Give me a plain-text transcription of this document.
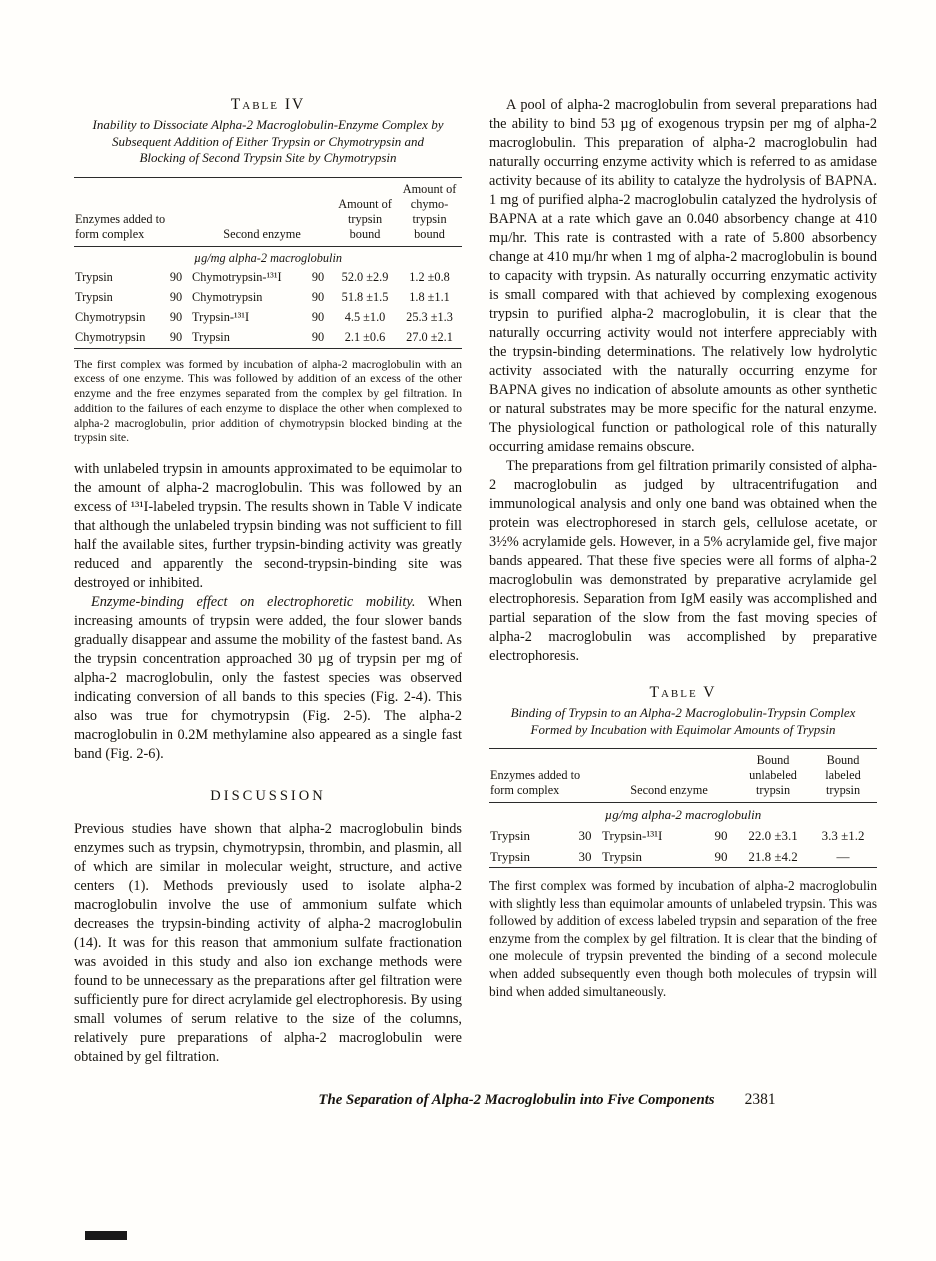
Table IV
Inability to Dissociate Alpha-2 Macroglobulin-Enzyme Complex by Subsequent Addition of Either Trypsin or Chymotrypsin and Blocking of Second Trypsin Site by Chymotrypsin
Enzymes added to form complex		Second enzyme		Amount of trypsin bound	Amount of chymo-trypsin bound
µg/mg alpha-2 macroglobulin					
Trypsin	90	Chymotrypsin-¹³¹I	90	52.0 ±2.9	1.2 ±0.8
Trypsin	90	Chymotrypsin	90	51.8 ±1.5	1.8 ±1.1
Chymotrypsin	90	Trypsin-¹³¹I	90	4.5 ±1.0	25.3 ±1.3
Chymotrypsin	90	Trypsin	90	2.1 ±0.6	27.0 ±2.1
The first complex was formed by incubation of alpha-2 macroglobulin with an excess of one enzyme. This was followed by addition of an excess of the other enzyme and the free enzymes separated from the complex by gel filtration. In addition to the failures of each enzyme to displace the other when complexed to alpha-2 macroglobulin, prior addition of chymotrypsin blocked binding at the trypsin site.

with unlabeled trypsin in amounts approximated to be equimolar to the amount of alpha-2 macroglobulin. This was followed by an excess of ¹³¹I-labeled trypsin. The results shown in Table V indicate that although the unlabeled trypsin binding was not sufficient to fill half the available sites, further trypsin-binding activity was greatly reduced and apparently the second-trypsin-binding site was destroyed or inhibited.

Enzyme-binding effect on electrophoretic mobility. When increasing amounts of trypsin were added, the four slower bands gradually disappear and assume the mobility of the fastest band. As the trypsin concentration approached 30 µg of trypsin per mg of alpha-2 macroglobulin, only the fastest species was observed indicating conversion of all bands to this species (Fig. 2-4). This also was true for chymotrypsin (Fig. 2-5). The alpha-2 macroglobulin in 0.2M methylamine also appeared as a single fast band (Fig. 2-6).

DISCUSSION

Previous studies have shown that alpha-2 macroglobulin binds enzymes such as trypsin, chymotrypsin, thrombin, and plasmin, all of which are similar in molecular weight, structure, and active centers (1). Methods previously used to isolate alpha-2 macroglobulin involve the use of ammonium sulfate which decreases the trypsin-binding activity of alpha-2 macroglobulin (14). It was for this reason that ammonium sulfate fractionation was avoided in this study and also ion exchange methods were found to be unnecessary as the preparations after gel filtration were sufficiently pure for direct acrylamide gel electrophoresis. By using small volumes of serum relative to the size of the columns, relatively pure preparations of alpha-2 macroglobulin were obtained by gel filtration.

A pool of alpha-2 macroglobulin from several preparations had the ability to bind 53 µg of exogenous trypsin per mg of alpha-2 macroglobulin. This preparation of alpha-2 macroglobulin had naturally occurring enzyme activity which is referred to as amidase activity because of its ability to catalyze the hydrolysis of BAPNA. 1 mg of purified alpha-2 macroglobulin catalyzed the hydrolysis of BAPNA at a rate which gave an 0.040 absorbency change at 410 mµ/hr. This rate is contrasted with a rate of 5.800 absorbency change at 410 mµ/hr when 1 mg of alpha-2 macroglobulin is bound to capacity with trypsin. As naturally occurring enzymatic activity is small compared with that achieved by complexing exogenous trypsin to purified alpha-2 macroglobulin, it is clear that the naturally occurring activity would not interfere appreciably with the trypsin-binding determinations. The relatively low hydrolytic activity associated with the naturally occurring enzyme for BAPNA gives no indication of absolute amounts as other synthetic or natural substrates may be more specific for the natural enzyme. The physiological function or pathological role of this naturally occurring amidase remains obscure.

The preparations from gel filtration primarily consisted of alpha-2 macroglobulin as judged by ultracentrifugation and immunological analysis and only one band was obtained when the protein was electrophoresed in starch gels, cellulose acetate, or 3½% acrylamide gels. However, in a 5% acrylamide gel, five major bands appeared. That these five species were all forms of alpha-2 macroglobulin was demonstrated by preparative acrylamide gel electrophoresis. Separation from IgM easily was accomplished and partial separation of the slow from the fast moving species of alpha-2 macroglobulin was accomplished by preparative electrophoresis.

Table V
Binding of Trypsin to an Alpha-2 Macroglobulin-Trypsin Complex Formed by Incubation with Equimolar Amounts of Trypsin
Enzymes added to form complex		Second enzyme		Bound unlabeled trypsin	Bound labeled trypsin
µg/mg alpha-2 macroglobulin					
Trypsin	30	Trypsin-¹³¹I	90	22.0 ±3.1	3.3 ±1.2
Trypsin	30	Trypsin	90	21.8 ±4.2	—
The first complex was formed by incubation of alpha-2 macroglobulin with slightly less than equimolar amounts of unlabeled trypsin. This was followed by addition of excess labeled trypsin and separation of the free enzyme from the complex by gel filtration. It is clear that the binding of one molecule of trypsin prevented the binding of a second molecule when added subsequently even though both molecules of trypsin will bind when added simultaneously.
The Separation of Alpha-2 Macroglobulin into Five Components 2381
